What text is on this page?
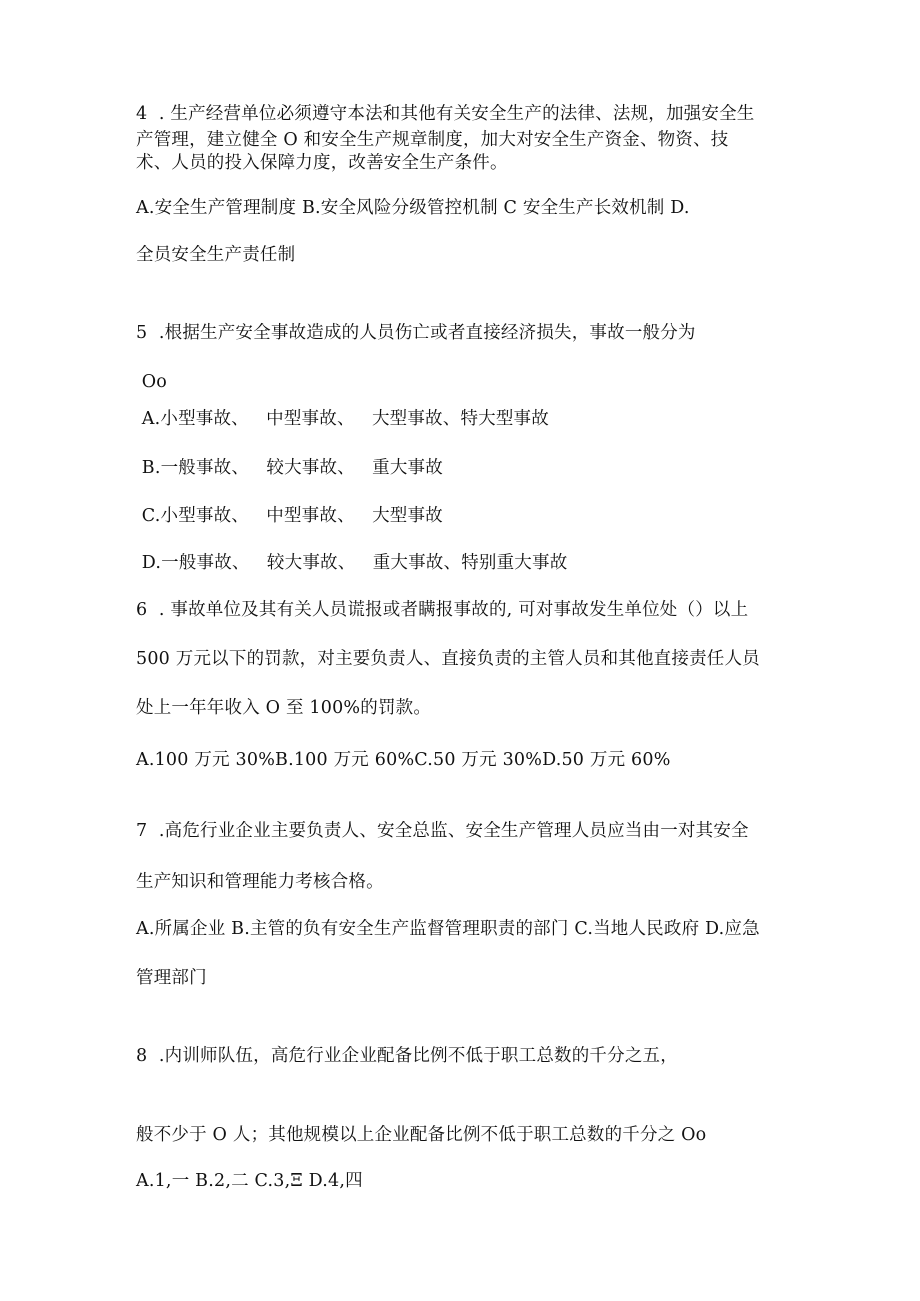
4  . 生产经营单位必须遵守本法和其他有关安全生产的法律、法规，加强安全生
产管理，建立健全 O 和安全生产规章制度，加大对安全生产资金、物资、技
术、人员的投入保障力度，改善安全生产条件。
A.安全生产管理制度 B.安全风险分级管控机制 C 安全生产长效机制 D.
全员安全生产责任制
5  .根据生产安全事故造成的人员伤亡或者直接经济损失，事故一般分为
Oo
A.小型事故、   中型事故、   大型事故、特大型事故
B.一般事故、   较大事故、   重大事故
C.小型事故、   中型事故、   大型事故
D.一般事故、   较大事故、   重大事故、特别重大事故
6  . 事故单位及其有关人员谎报或者瞒报事故的, 可对事故发生单位处（）以上
500 万元以下的罚款，对主要负责人、直接负责的主管人员和其他直接责任人员
处上一年年收入 O 至 100%的罚款。
A.100 万元 30%B.100 万元 60%C.50 万元 30%D.50 万元 60%
7  .高危行业企业主要负责人、安全总监、安全生产管理人员应当由一对其安全
生产知识和管理能力考核合格。
A.所属企业 B.主管的负有安全生产监督管理职责的部门 C.当地人民政府 D.应急
管理部门
8  .内训师队伍，高危行业企业配备比例不低于职工总数的千分之五，
般不少于 O 人；其他规模以上企业配备比例不低于职工总数的千分之 Oo
A.1,一 B.2,二 C.3,Ξ D.4,四
